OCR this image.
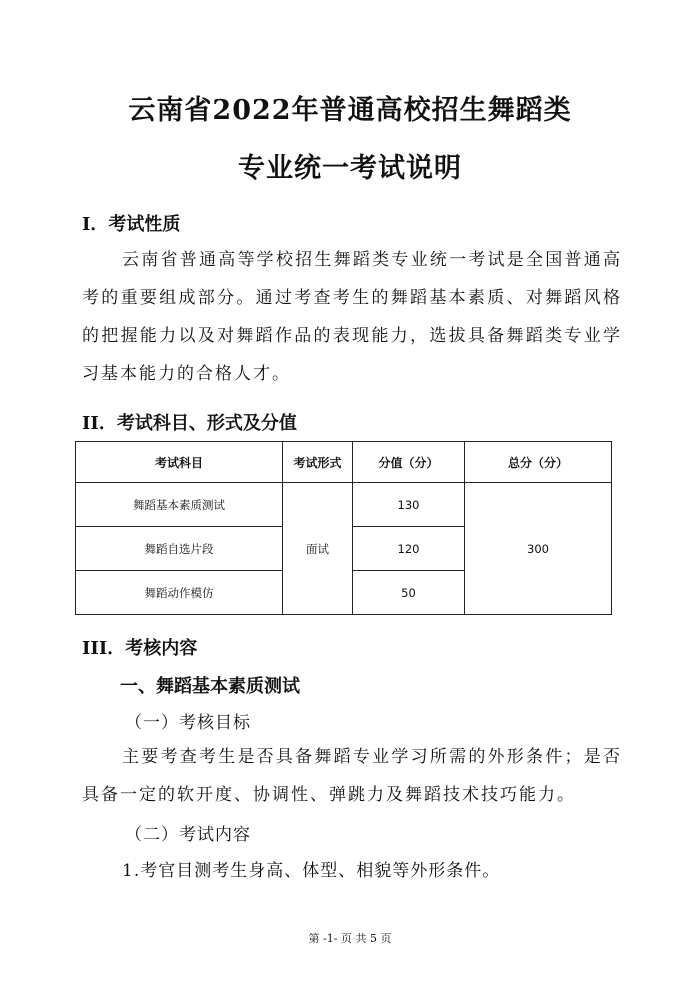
云南省2022年普通高校招生舞蹈类
专业统一考试说明
I．考试性质

云南省普通高等学校招生舞蹈类专业统一考试是全国普通高考的重要组成部分。通过考查考生的舞蹈基本素质、对舞蹈风格的把握能力以及对舞蹈作品的表现能力，选拔具备舞蹈类专业学习基本能力的合格人才。

II．考试科目、形式及分值
考试科目	考试形式	分值（分）	总分（分）
舞蹈基本素质测试	面试	130	300
舞蹈自选片段		120	
舞蹈动作模仿		50	
III．考核内容
一、舞蹈基本素质测试

（一）考核目标

主要考查考生是否具备舞蹈专业学习所需的外形条件；是否具备一定的软开度、协调性、弹跳力及舞蹈技术技巧能力。

（二）考试内容

1.考官目测考生身高、体型、相貌等外形条件。

第 -1- 页 共 5 页
